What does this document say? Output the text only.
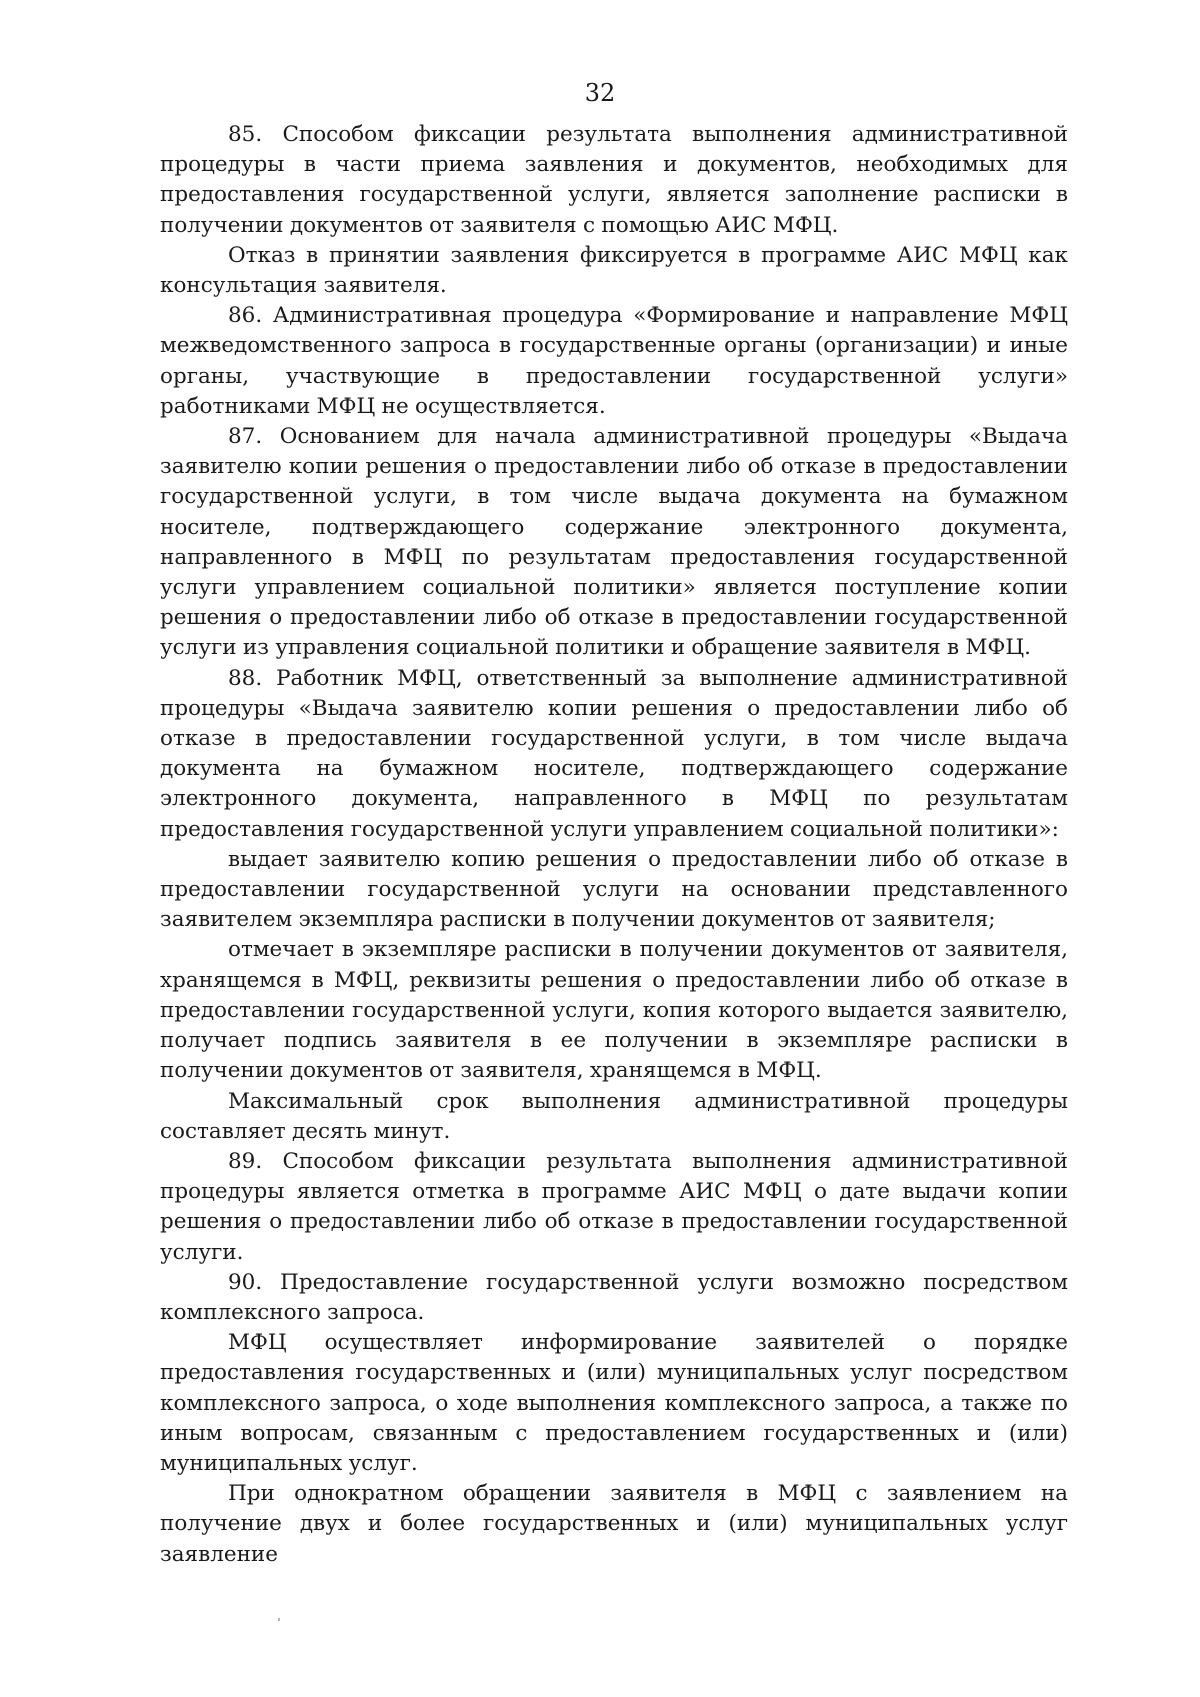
32

85. Способом фиксации результата выполнения административной процедуры в части приема заявления и документов, необходимых для предоставления государственной услуги, является заполнение расписки в получении документов от заявителя с помощью АИС МФЦ.

Отказ в принятии заявления фиксируется в программе АИС МФЦ как консультация заявителя.

86. Административная процедура «Формирование и направление МФЦ межведомственного запроса в государственные органы (организации) и иные органы, участвующие в предоставлении государственной услуги» работниками МФЦ не осуществляется.

87. Основанием для начала административной процедуры «Выдача заявителю копии решения о предоставлении либо об отказе в предоставлении государственной услуги, в том числе выдача документа на бумажном носителе, подтверждающего содержание электронного документа, направленного в МФЦ по результатам предоставления государственной услуги управлением социальной политики» является поступление копии решения о предоставлении либо об отказе в предоставлении государственной услуги из управления социальной политики и обращение заявителя в МФЦ.

88. Работник МФЦ, ответственный за выполнение административной процедуры «Выдача заявителю копии решения о предоставлении либо об отказе в предоставлении государственной услуги, в том числе выдача документа на бумажном носителе, подтверждающего содержание электронного документа, направленного в МФЦ по результатам предоставления государственной услуги управлением социальной политики»:

выдает заявителю копию решения о предоставлении либо об отказе в предоставлении государственной услуги на основании представленного заявителем экземпляра расписки в получении документов от заявителя;

отмечает в экземпляре расписки в получении документов от заявителя, хранящемся в МФЦ, реквизиты решения о предоставлении либо об отказе в предоставлении государственной услуги, копия которого выдается заявителю, получает подпись заявителя в ее получении в экземпляре расписки в получении документов от заявителя, хранящемся в МФЦ.

Максимальный срок выполнения административной процедуры составляет десять минут.

89. Способом фиксации результата выполнения административной процедуры является отметка в программе АИС МФЦ о дате выдачи копии решения о предоставлении либо об отказе в предоставлении государственной услуги.

90. Предоставление государственной услуги возможно посредством комплексного запроса.

МФЦ осуществляет информирование заявителей о порядке предоставления государственных и (или) муниципальных услуг посредством комплексного запроса, о ходе выполнения комплексного запроса, а также по иным вопросам, связанным с предоставлением государственных и (или) муниципальных услуг.

При однократном обращении заявителя в МФЦ с заявлением на получение двух и более государственных и (или) муниципальных услуг заявление
